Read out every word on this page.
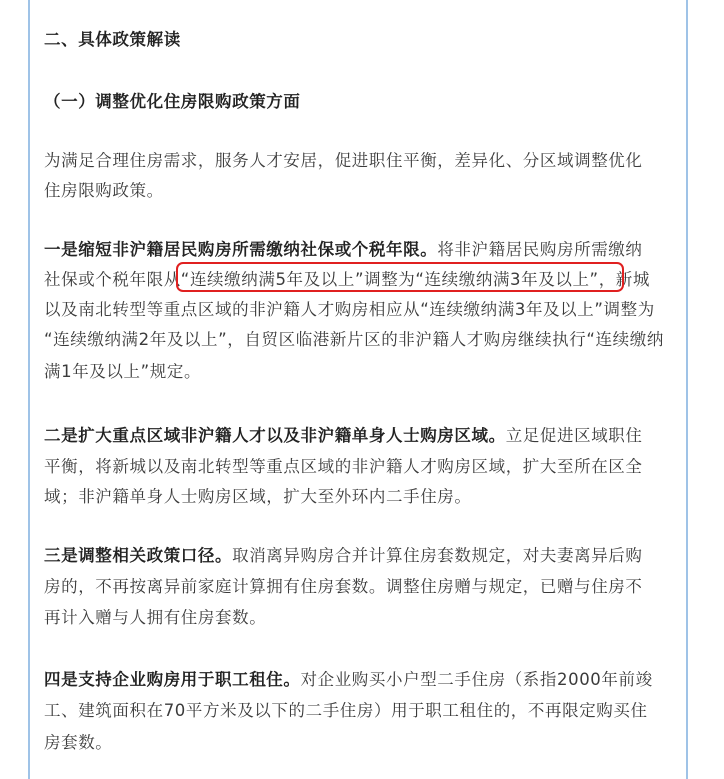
二、具体政策解读
（一）调整优化住房限购政策方面
为满足合理住房需求，服务人才安居，促进职住平衡，差异化、分区域调整优化
住房限购政策。
一是缩短非沪籍居民购房所需缴纳社保或个税年限。将非沪籍居民购房所需缴纳
社保或个税年限从“连续缴纳满5年及以上”调整为“连续缴纳满3年及以上”，新城
以及南北转型等重点区域的非沪籍人才购房相应从“连续缴纳满3年及以上”调整为
“连续缴纳满2年及以上”，自贸区临港新片区的非沪籍人才购房继续执行“连续缴纳
满1年及以上”规定。
二是扩大重点区域非沪籍人才以及非沪籍单身人士购房区域。立足促进区域职住
平衡，将新城以及南北转型等重点区域的非沪籍人才购房区域，扩大至所在区全
域；非沪籍单身人士购房区域，扩大至外环内二手住房。
三是调整相关政策口径。取消离异购房合并计算住房套数规定，对夫妻离异后购
房的，不再按离异前家庭计算拥有住房套数。调整住房赠与规定，已赠与住房不
再计入赠与人拥有住房套数。
四是支持企业购房用于职工租住。对企业购买小户型二手住房（系指2000年前竣
工、建筑面积在70平方米及以下的二手住房）用于职工租住的，不再限定购买住
房套数。
